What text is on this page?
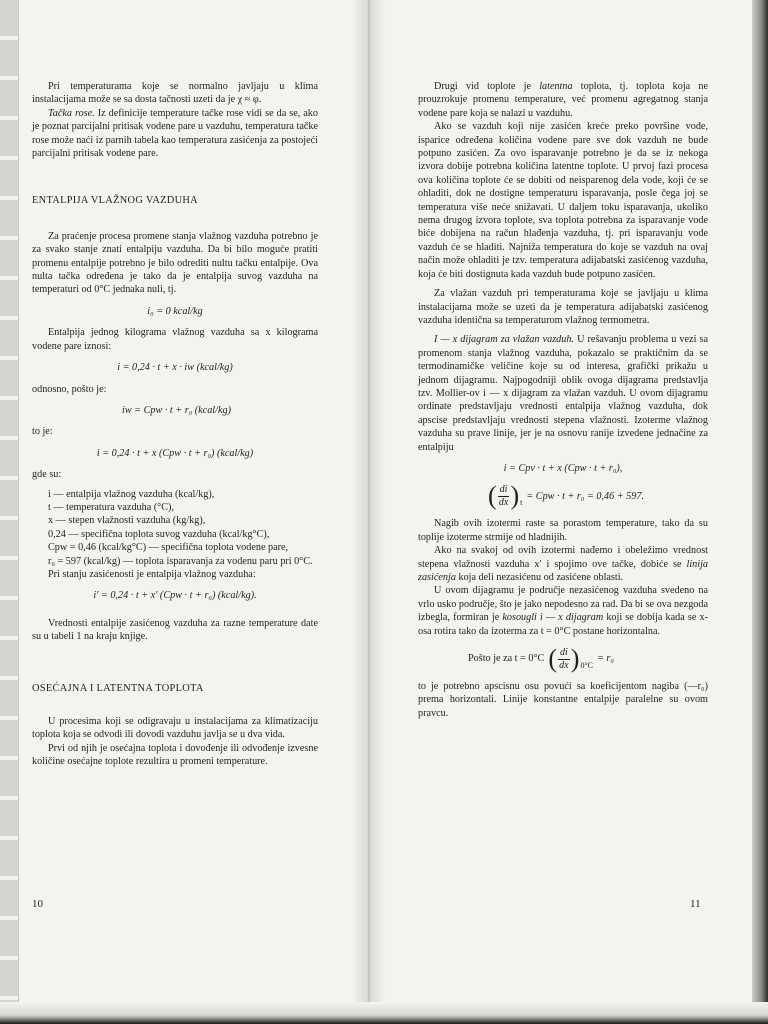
Pri temperaturama koje se normalno javljaju u klima instalacijama može se sa dosta tačnosti uzeti da je χ ≈ φ.

Tačka rose. Iz definicije temperature tačke rose vidi se da se, ako je poznat parcijalni pritisak vodene pare u vazduhu, temperatura tačke rose može naći iz parnih tabela kao temperatura zasićenja za postojeći parcijalni pritisak vodene pare.

ENTALPIJA VLAŽNOG VAZDUHA

Za praćenje procesa promene stanja vlažnog vazduha potrebno je za svako stanje znati entalpiju vazduha. Da bi bilo moguće pratiti promenu entalpije potrebno je bilo odrediti nultu tačku entalpije. Ova nulta tačka određena je tako da je entalpija suvog vazduha na temperaturi od 0°C jednaka nuli, tj.

i₀ = 0 kcal/kg

Entalpija jednog kilograma vlažnog vazduha sa x kilograma vodene pare iznosi:

i = 0,24 · t + x · iw (kcal/kg)

odnosno, pošto je:

iw = Cpw · t + r₀ (kcal/kg)

to je:

i = 0,24 · t + x (Cpw · t + r₀) (kcal/kg)

gde su:

i — entalpija vlažnog vazduha (kcal/kg),
t — temperatura vazduha (°C),
x — stepen vlažnosti vazduha (kg/kg),
0,24 — specifična toplota suvog vazduha (kcal/kg°C),
Cpw = 0,46 (kcal/kg°C) — specifična toplota vodene pare,
r₀ = 597 (kcal/kg) — toplota isparavanja za vodenu paru pri 0°C.

Pri stanju zasićenosti je entalpija vlažnog vazduha:

i′ = 0,24 · t + x′ (Cpw · t + r₀) (kcal/kg).

Vrednosti entalpije zasićenog vazduha za razne temperature date su u tabeli 1 na kraju knjige.

OSEĆAJNA I LATENTNA TOPLOTA

U procesima koji se odigravaju u instalacijama za klimatizaciju toplota koja se odvodi ili dovodi vazduhu javlja se u dva vida.

Prvi od njih je osećajna toplota i dovođenje ili odvođenje izvesne količine osećajne toplote rezultira u promeni temperature.

10

Drugi vid toplote je latentna toplota, tj. toplota koja ne prouzrokuje promenu temperature, već promenu agregatnog stanja vodene pare koja se nalazi u vazduhu.

Ako se vazduh koji nije zasićen kreće preko površine vode, isparice određena količina vodene pare sve dok vazduh ne bude potpuno zasićen. Za ovo isparavanje potrebno je da se iz nekoga izvora dobije potrebna količina latentne toplote. U prvoj fazi procesa ova količina toplote će se dobiti od neisparenog dela vode, koji će se ohladiti, dok ne dostigne temperaturu isparavanja, posle čega joj se temperatura više neće snižavati. U daljem toku isparavanja, ukoliko nema drugog izvora toplote, sva toplota potrebna za isparavanje vode biće dobijena na račun hlađenja vazduha, tj. pri isparavanju vode vazduh će se hladiti. Najniža temperatura do koje se vazduh na ovaj način može ohladiti je tzv. temperatura adijabatski zasićenog vazduha, koja će biti dostignuta kada vazduh bude potpuno zasićen.

Za vlažan vazduh pri temperaturama koje se javljaju u klima instalacijama može se uzeti da je temperatura adijabatski zasićenog vazduha identična sa temperaturom vlažnog termometra.

I — x dijagram za vlažan vazduh. U rešavanju problema u vezi sa promenom stanja vlažnog vazduha, pokazalo se praktičnim da se termodinamičke veličine koje su od interesa, grafički prikažu u jednom dijagramu. Najpogodniji oblik ovoga dijagrama predstavlja tzv. Mollier-ov i — x dijagram za vlažan vazduh. U ovom dijagramu ordinate predstavljaju vrednosti entalpija vlažnog vazduha, dok apscise predstavljaju vrednosti stepena vlažnosti. Izoterme vlažnog vazduha su prave linije, jer je na osnovu ranije izvedene jednačine za entalpiju

i = Cpv · t + x (Cpw · t + r₀),
( $\frac{di}{dx}$ ) t
= Cpw · t + r₀ = 0,46 + 597.

Nagib ovih izotermi raste sa porastom temperature, tako da su toplije izoterme strmije od hladnijih.

Ako na svakoj od ovih izotermi nađemo i obeležimo vrednost stepena vlažnosti vazduha x′ i spojimo ove tačke, dobiće se linija zasićenja koja deli nezasićenu od zasićene oblasti.

U ovom dijagramu je područje nezasićenog vazduha svedeno na vrlo usko područje, što je jako nepodesno za rad. Da bi se ova nezgoda izbegla, formiran je kosougli i — x dijagram koji se dobija kada se x-osa rotira tako da izoterma za t = 0°C postane horizontalna.

Pošto je za t = 0°C ( $\frac{di}{dx}$ ) 0°C
= r₀

to je potrebno apscisnu osu povući sa koeficijentom nagiba (—r₀) prema horizontali. Linije konstantne entalpije paralelne su ovom pravcu.

11
